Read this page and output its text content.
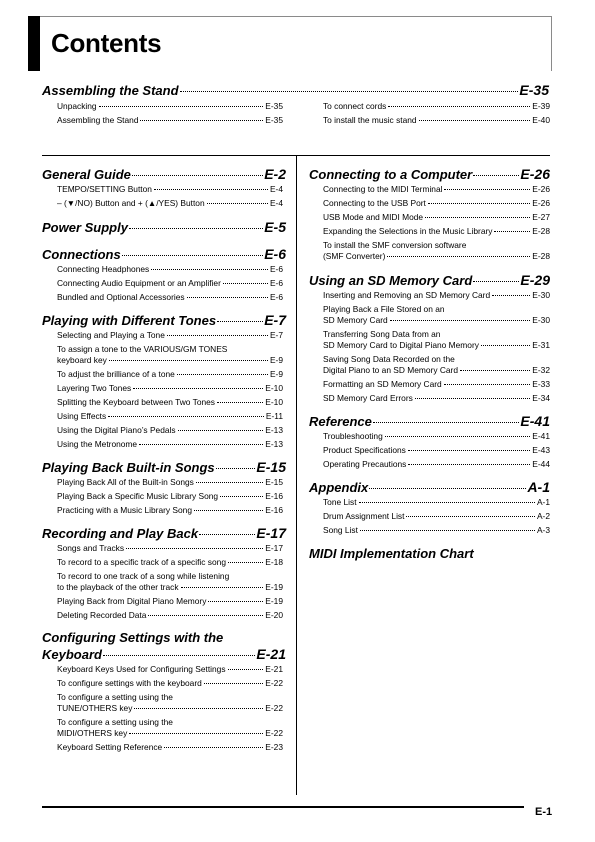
Contents
Assembling the Stand	E-35
Unpacking	E-35
Assembling the Stand	E-35
To connect cords	E-39
To install the music stand	E-40
General Guide	E-2
TEMPO/SETTING Button	E-4
– (▼/NO) Button and + (▲/YES) Button	E-4
Power Supply	E-5
Connections	E-6
Connecting Headphones	E-6
Connecting Audio Equipment or an Amplifier	E-6
Bundled and Optional Accessories	E-6
Playing with Different Tones	E-7
Selecting and Playing a Tone	E-7
To assign a tone to the VARIOUS/GM TONES
keyboard key	E-9
To adjust the brilliance of a tone	E-9
Layering Two Tones	E-10
Splitting the Keyboard between Two Tones	E-10
Using Effects	E-11
Using the Digital Piano’s Pedals	E-13
Using the Metronome	E-13
Playing Back Built-in Songs	E-15
Playing Back All of the Built-in Songs	E-15
Playing Back a Specific Music Library Song	E-16
Practicing with a Music Library Song	E-16
Recording and Play Back	E-17
Songs and Tracks	E-17
To record to a specific track of a specific song	E-18
To record to one track of a song while listening
to the playback of the other track	E-19
Playing Back from Digital Piano Memory	E-19
Deleting Recorded Data	E-20
Configuring Settings with the
Keyboard	E-21
Keyboard Keys Used for Configuring Settings	E-21
To configure settings with the keyboard	E-22
To configure a setting using the
TUNE/OTHERS key	E-22
To configure a setting using the
MIDI/OTHERS key	E-22
Keyboard Setting Reference	E-23
Connecting to a Computer	E-26
Connecting to the MIDI Terminal	E-26
Connecting to the USB Port	E-26
USB Mode and MIDI Mode	E-27
Expanding the Selections in the Music Library	E-28
To install the SMF conversion software
(SMF Converter)	E-28
Using an SD Memory Card	E-29
Inserting and Removing an SD Memory Card	E-30
Playing Back a File Stored on an
SD Memory Card	E-30
Transferring Song Data from an
SD Memory Card to Digital Piano Memory	E-31
Saving Song Data Recorded on the
Digital Piano to an SD Memory Card	E-32
Formatting an SD Memory Card	E-33
SD Memory Card Errors	E-34
Reference	E-41
Troubleshooting	E-41
Product Specifications	E-43
Operating Precautions	E-44
Appendix	A-1
Tone List	A-1
Drum Assignment List	A-2
Song List	A-3
MIDI Implementation Chart
E-1
